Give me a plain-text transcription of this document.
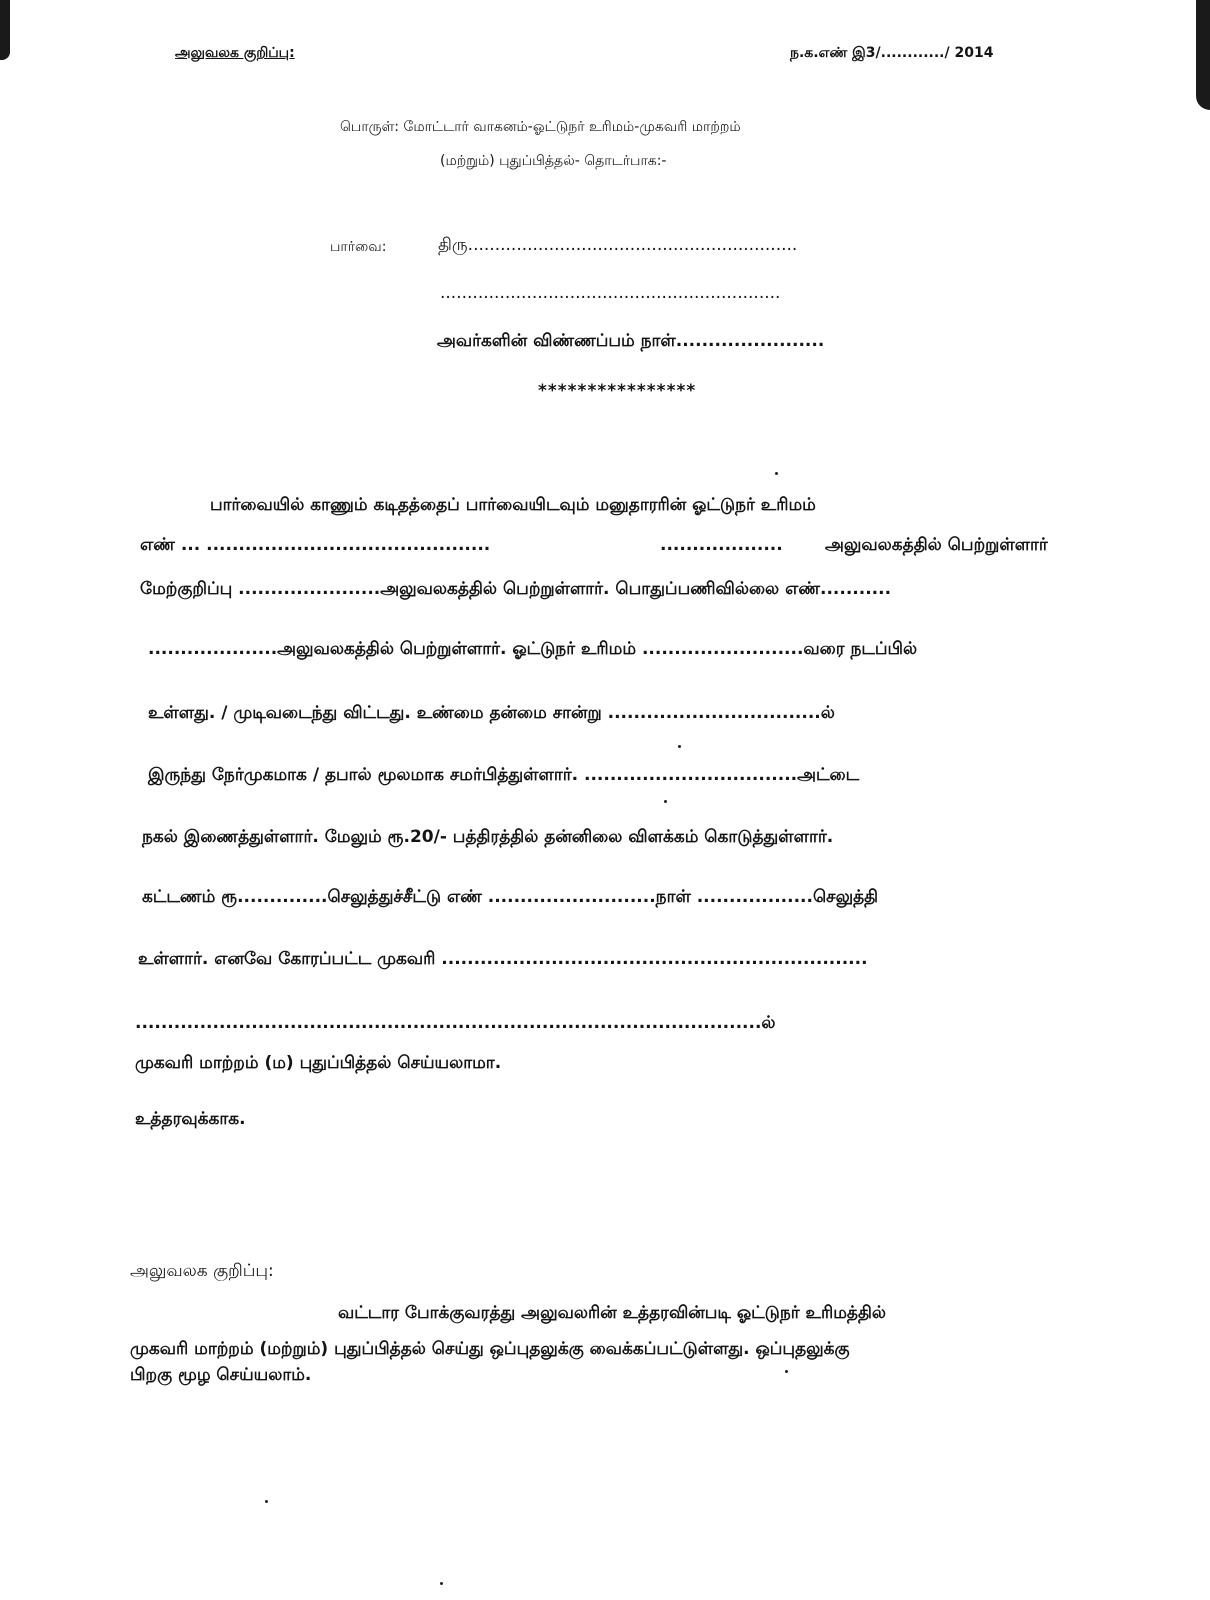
அலுவலக குறிப்பு:	ந.க.எண் இ3/............/ 2014
பொருள்: மோட்டார் வாகனம்-ஓட்டுநர் உரிமம்-முகவரி மாற்றம்
(மற்றும்) புதுப்பித்தல்- தொடர்பாக:-
பார்வை:	திரு.............................................................
...............................................................
அவர்களின் விண்ணப்பம் நாள்.......................
****************
பார்வையில் காணும் கடிதத்தைப் பார்வையிடவும் மனுதாரரின் ஓட்டுநர் உரிமம்
எண் ... ............................................	................... அலுவலகத்தில் பெற்றுள்ளார்
மேற்குறிப்பு ......................அலுவலகத்தில் பெற்றுள்ளார். பொதுப்பணிவில்லை எண்...........
....................அலுவலகத்தில் பெற்றுள்ளார். ஓட்டுநர் உரிமம் .........................வரை நடப்பில்
உள்ளது. / முடிவடைந்து விட்டது. உண்மை தன்மை சான்று .................................ல்
இருந்து நேர்முகமாக / தபால் மூலமாக சமர்பித்துள்ளார். .................................அட்டை
நகல் இணைத்துள்ளார். மேலும் ரூ.20/- பத்திரத்தில் தன்னிலை விளக்கம் கொடுத்துள்ளார்.
கட்டணம் ரூ..............செலுத்துச்சீட்டு எண் ..........................நாள் ..................செலுத்தி
உள்ளார். எனவே கோரப்பட்ட முகவரி ..................................................................
.................................................................................................ல்
முகவரி மாற்றம் (ம) புதுப்பித்தல் செய்யலாமா.
உத்தரவுக்காக.
அலுவலக குறிப்பு:
வட்டார போக்குவரத்து அலுவலரின் உத்தரவின்படி ஓட்டுநர் உரிமத்தில்
முகவரி மாற்றம் (மற்றும்) புதுப்பித்தல் செய்து ஒப்புதலுக்கு வைக்கப்பட்டுள்ளது. ஒப்புதலுக்கு
பிறகு மூழ செய்யலாம்.
